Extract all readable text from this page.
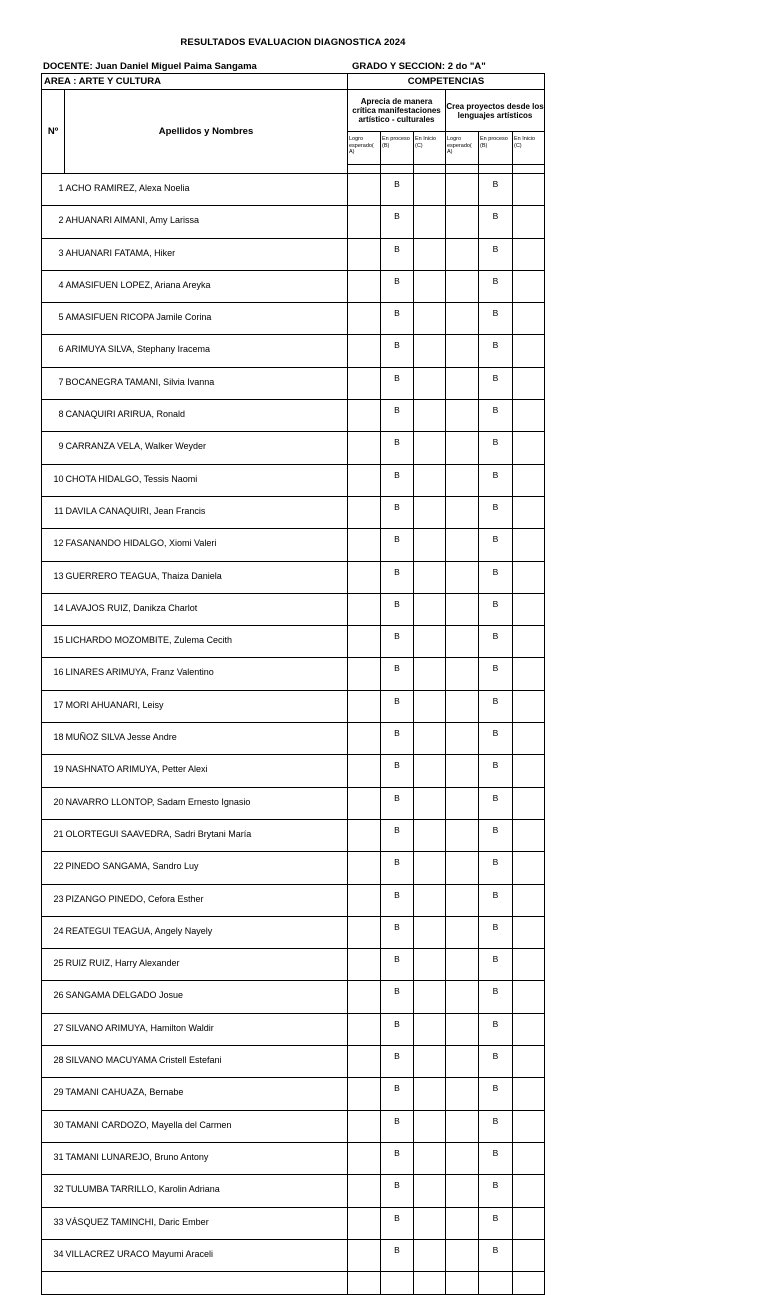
RESULTADOS EVALUACION DIAGNOSTICA 2024
DOCENTE: Juan Daniel Miguel Paima Sangama	GRADO Y SECCION: 2 do "A"
AREA : ARTE Y CULTURA		COMPETENCIAS					
Nº	Apellidos y Nombres	Aprecia de manera crítica manifestaciones artístico - culturales			Crea proyectos desde los lenguajes artísticos		
		Logro esperado( A)	En proceso (B)	En Inicio (C)	Logro esperado( A)	En proceso (B)	En Inicio (C)

1	ACHO RAMIREZ, Alexa Noelia		B			B	
2	AHUANARI AIMANI, Amy Larissa		B			B	
3	AHUANARI FATAMA, Hiker		B			B	
4	AMASIFUEN LOPEZ, Ariana Areyka		B			B	
5	AMASIFUEN RICOPA Jamile Corina		B			B	
6	ARIMUYA SILVA, Stephany Iracema		B			B	
7	BOCANEGRA TAMANI, Silvia Ivanna		B			B	
8	CANAQUIRI ARIRUA, Ronald		B			B	
9	CARRANZA VELA, Walker Weyder		B			B	
10	CHOTA HIDALGO, Tessis Naomi		B			B	
11	DAVILA CANAQUIRI, Jean Francis		B			B	
12	FASANANDO HIDALGO, Xiomi Valeri		B			B	
13	GUERRERO TEAGUA, Thaiza Daniela		B			B	
14	LAVAJOS RUIZ, Danikza Charlot		B			B	
15	LICHARDO MOZOMBITE, Zulema Cecith		B			B	
16	LINARES ARIMUYA, Franz Valentino		B			B	
17	MORI AHUANARI, Leisy		B			B	
18	MUÑOZ SILVA Jesse Andre		B			B	
19	NASHNATO ARIMUYA, Petter Alexi		B			B	
20	NAVARRO LLONTOP, Sadam Ernesto Ignasio		B			B	
21	OLORTEGUI SAAVEDRA, Sadri Brytani María		B			B	
22	PINEDO SANGAMA, Sandro Luy		B			B	
23	PIZANGO PINEDO, Cefora Esther		B			B	
24	REATEGUI TEAGUA, Angely Nayely		B			B	
25	RUIZ RUIZ, Harry Alexander		B			B	
26	SANGAMA DELGADO Josue		B			B	
27	SILVANO ARIMUYA, Hamilton Waldir		B			B	
28	SILVANO MACUYAMA Cristell Estefani		B			B	
29	TAMANI CAHUAZA, Bernabe		B			B	
30	TAMANI CARDOZO, Mayella del Carmen		B			B	
31	TAMANI LUNAREJO, Bruno Antony		B			B	
32	TULUMBA TARRILLO, Karolin Adriana		B			B	
33	VÁSQUEZ TAMINCHI, Daric Ember		B			B	
34	VILLACREZ URACO Mayumi Araceli		B			B	
